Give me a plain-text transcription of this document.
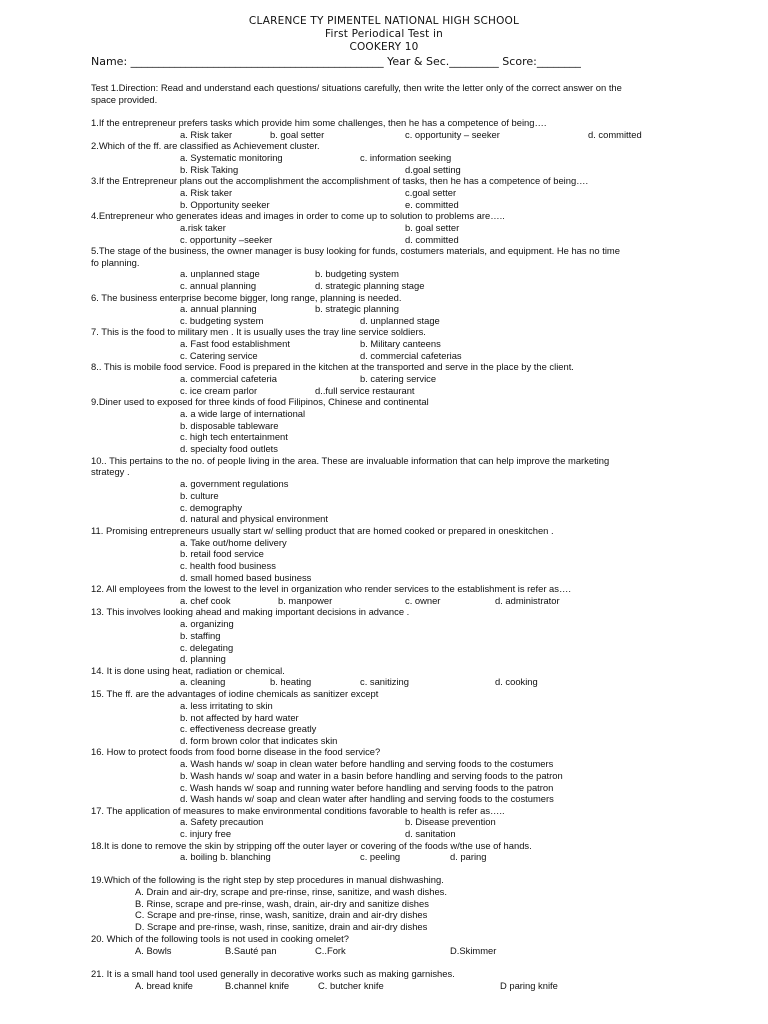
CLARENCE TY PIMENTEL NATIONAL HIGH SCHOOL
First Periodical Test in
COOKERY 10
Name: ______________________________________________ Year & Sec._________ Score:________
Test 1.Direction: Read and understand each questions/ situations carefully, then write the letter only of the correct answer on the
space provided.
1.If the entrepreneur prefers tasks which provide him some challenges, then he has a competence of being….
a. Risk taker	b. goal setter	c. opportunity – seeker	d. committed
2.Which of the ff. are classified as Achievement cluster.
a. Systematic monitoring	c. information seeking
b. Risk Taking	d.goal setting
3.If the Entrepreneur plans out the accomplishment the accomplishment of tasks, then he has a competence of being….
a. Risk taker	c.goal setter
b. Opportunity seeker	e. committed
4.Entrepreneur who generates ideas and images in order to come up to solution to problems are…..
a.risk taker	b. goal setter
c. opportunity –seeker	d. committed
5.The stage of the business, the owner manager is busy looking for funds, costumers materials, and equipment. He has no time
fo planning.
a. unplanned stage	b. budgeting system
c. annual planning	d. strategic planning stage
6. The business enterprise become bigger, long range, planning is needed.
a. annual planning	b. strategic planning
c. budgeting system	d. unplanned stage
7. This is the food to military men . It is usually uses the tray line service soldiers.
a. Fast food establishment	b. Military canteens
c. Catering service	d. commercial cafeterias
8.. This is mobile food service. Food is prepared in the kitchen at the transported and serve in the place by the client.
a. commercial cafeteria	b. catering service
c. ice cream parlor	d..full service restaurant
9.Diner used to exposed for three kinds of food Filipinos, Chinese and continental
a. a wide large of international
b. disposable tableware
c. high tech entertainment
d. specialty food outlets
10.. This pertains to the no. of people living in the area. These are invaluable information that can help improve the marketing
strategy .
a. government regulations
b. culture
c. demography
d. natural and physical environment
11. Promising entrepreneurs usually start w/ selling product that are homed cooked or prepared in oneskitchen .
a. Take out/home delivery
b. retail food service
c. health food business
d. small homed based business
12. All employees from the lowest to the level in organization who render services to the establishment is refer as….
a. chef cook	b. manpower	c. owner	d. administrator
13. This involves looking ahead and making important decisions in advance .
a. organizing
b. staffing
c. delegating
d. planning
14. It is done using heat, radiation or chemical.
a. cleaning	b. heating	c. sanitizing	d. cooking
15. The ff. are the advantages of iodine chemicals as sanitizer except
a. less irritating to skin
b. not affected by hard water
c. effectiveness decrease greatly
d. form brown color that indicates skin
16. How to protect foods from food borne disease in the food service?
a. Wash hands w/ soap in clean water before handling and serving foods to the costumers
b. Wash hands w/ soap and water in a basin before handling and serving foods to the patron
c. Wash hands w/ soap and running water before handling and serving foods to the patron
d. Wash hands w/ soap and clean water after handling and serving foods to the costumers
17. The application of measures to make environmental conditions favorable to health is refer as…..
a. Safety precaution	b. Disease prevention
c. injury free	d. sanitation
18.It is done to remove the skin by stripping off the outer layer or covering of the foods w/the use of hands.
a. boiling b. blanching	c. peeling	d. paring
19.Which of the following is the right step by step procedures in manual dishwashing.
A. Drain and air-dry, scrape and pre-rinse, rinse, sanitize, and wash dishes.
B. Rinse, scrape and pre-rinse, wash, drain, air-dry and sanitize dishes
C. Scrape and pre-rinse, rinse, wash, sanitize, drain and air-dry dishes
D. Scrape and pre-rinse, wash, rinse, sanitize, drain and air-dry dishes
20. Which of the following tools is not used in cooking omelet?
A. Bowls	B.Sauté pan	C..Fork	D.Skimmer
21. It is a small hand tool used generally in decorative works such as making garnishes.
A. bread knife	B.channel knife	C. butcher knife	D paring knife
